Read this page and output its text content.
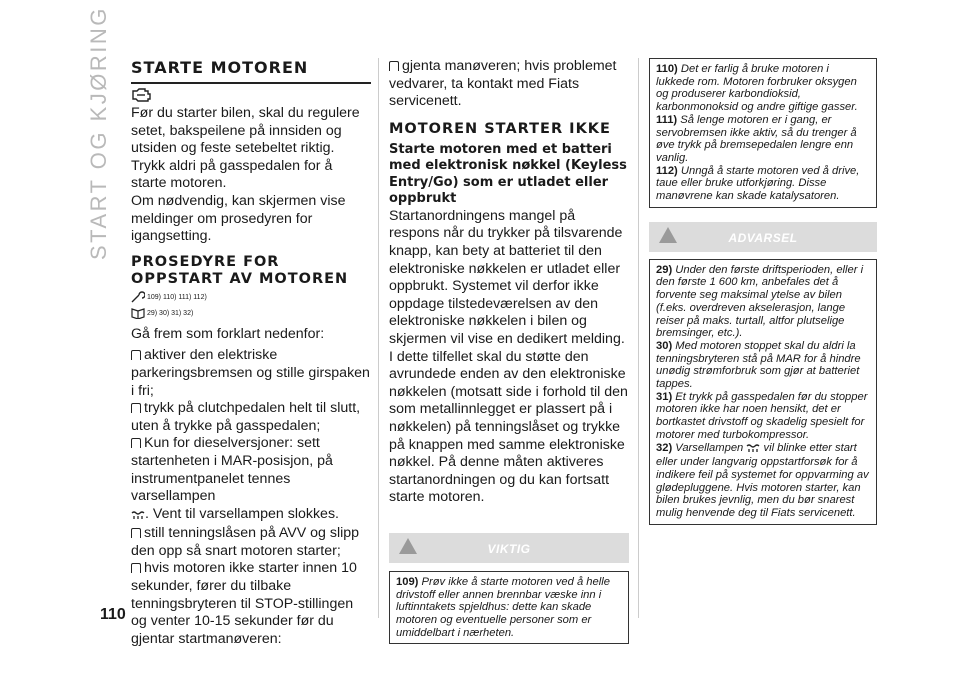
START OG KJØRING STARTE MOTOREN

Før du starter bilen, skal du regulere setet, bakspeilene på innsiden og utsiden og feste setebeltet riktig.

Trykk aldri på gasspedalen for å starte motoren.

Om nødvendig, kan skjermen vise meldinger om prosedyren for igangsetting.

PROSEDYRE FOR OPPSTART AV MOTOREN
109) 110) 111) 112)
29) 30) 31) 32)

Gå frem som forklart nedenfor:

aktiver den elektriske parkeringsbremsen og stille girspaken i fri;

trykk på clutchpedalen helt til slutt, uten å trykke på gasspedalen;

Kun for dieselversjoner: sett startenheten i MAR-posisjon, på instrumentpanelet tennes varsellampen
. Vent til varsellampen slokkes.

still tenningslåsen på AVV og slipp den opp så snart motoren starter;

hvis motoren ikke starter innen 10 sekunder, fører du tilbake tenningsbryteren til STOP-stillingen og venter 10-15 sekunder før du gjentar startmanøveren:

gjenta manøveren; hvis problemet vedvarer, ta kontakt med Fiats servicenett.

MOTOREN STARTER IKKE
Starte motoren med et batteri med elektronisk nøkkel (Keyless Entry/Go) som er utladet eller oppbrukt

Startanordningens mangel på respons når du trykker på tilsvarende knapp, kan bety at batteriet til den elektroniske nøkkelen er utladet eller oppbrukt. Systemet vil derfor ikke oppdage tilstedeværelsen av den elektroniske nøkkelen i bilen og skjermen vil vise en dedikert melding. I dette tilfellet skal du støtte den avrundede enden av den elektroniske nøkkelen (motsatt side i forhold til den som metallinnlegget er plassert på i nøkkelen) på tenningslåset og trykke på knappen med samme elektroniske nøkkel. På denne måten aktiveres startanordningen og du kan fortsatt starte motoren.

VIKTIG
109) Prøv ikke å starte motoren ved å helle drivstoff eller annen brennbar væske inn i luftinntakets spjeldhus: dette kan skade motoren og eventuelle personer som er umiddelbart i nærheten.

110) Det er farlig å bruke motoren i lukkede rom. Motoren forbruker oksygen og produserer karbondioksid, karbonmonoksid og andre giftige gasser.

111) Så lenge motoren er i gang, er servobremsen ikke aktiv, så du trenger å øve trykk på bremsepedalen lengre enn vanlig.

112) Unngå å starte motoren ved å drive, taue eller bruke utforkjøring. Disse manøvrene kan skade katalysatoren.

ADVARSEL

29) Under den første driftsperioden, eller i den første 1 600 km, anbefales det å forvente seg maksimal ytelse av bilen (f.eks. overdreven akselerasjon, lange reiser på maks. turtall, altfor plutselige bremsinger, etc.).

30) Med motoren stoppet skal du aldri la tenningsbryteren stå på MAR for å hindre unødig strømforbruk som gjør at batteriet tappes.

31) Et trykk på gasspedalen før du stopper motoren ikke har noen hensikt, det er bortkastet drivstoff og skadelig spesielt for motorer med turbokompressor.

32) Varsellampen vil blinke etter start eller under langvarig oppstartforsøk for å indikere feil på systemet for oppvarming av glødepluggene. Hvis motoren starter, kan bilen brukes jevnlig, men du bør snarest mulig henvende deg til Fiats servicenett.

110
